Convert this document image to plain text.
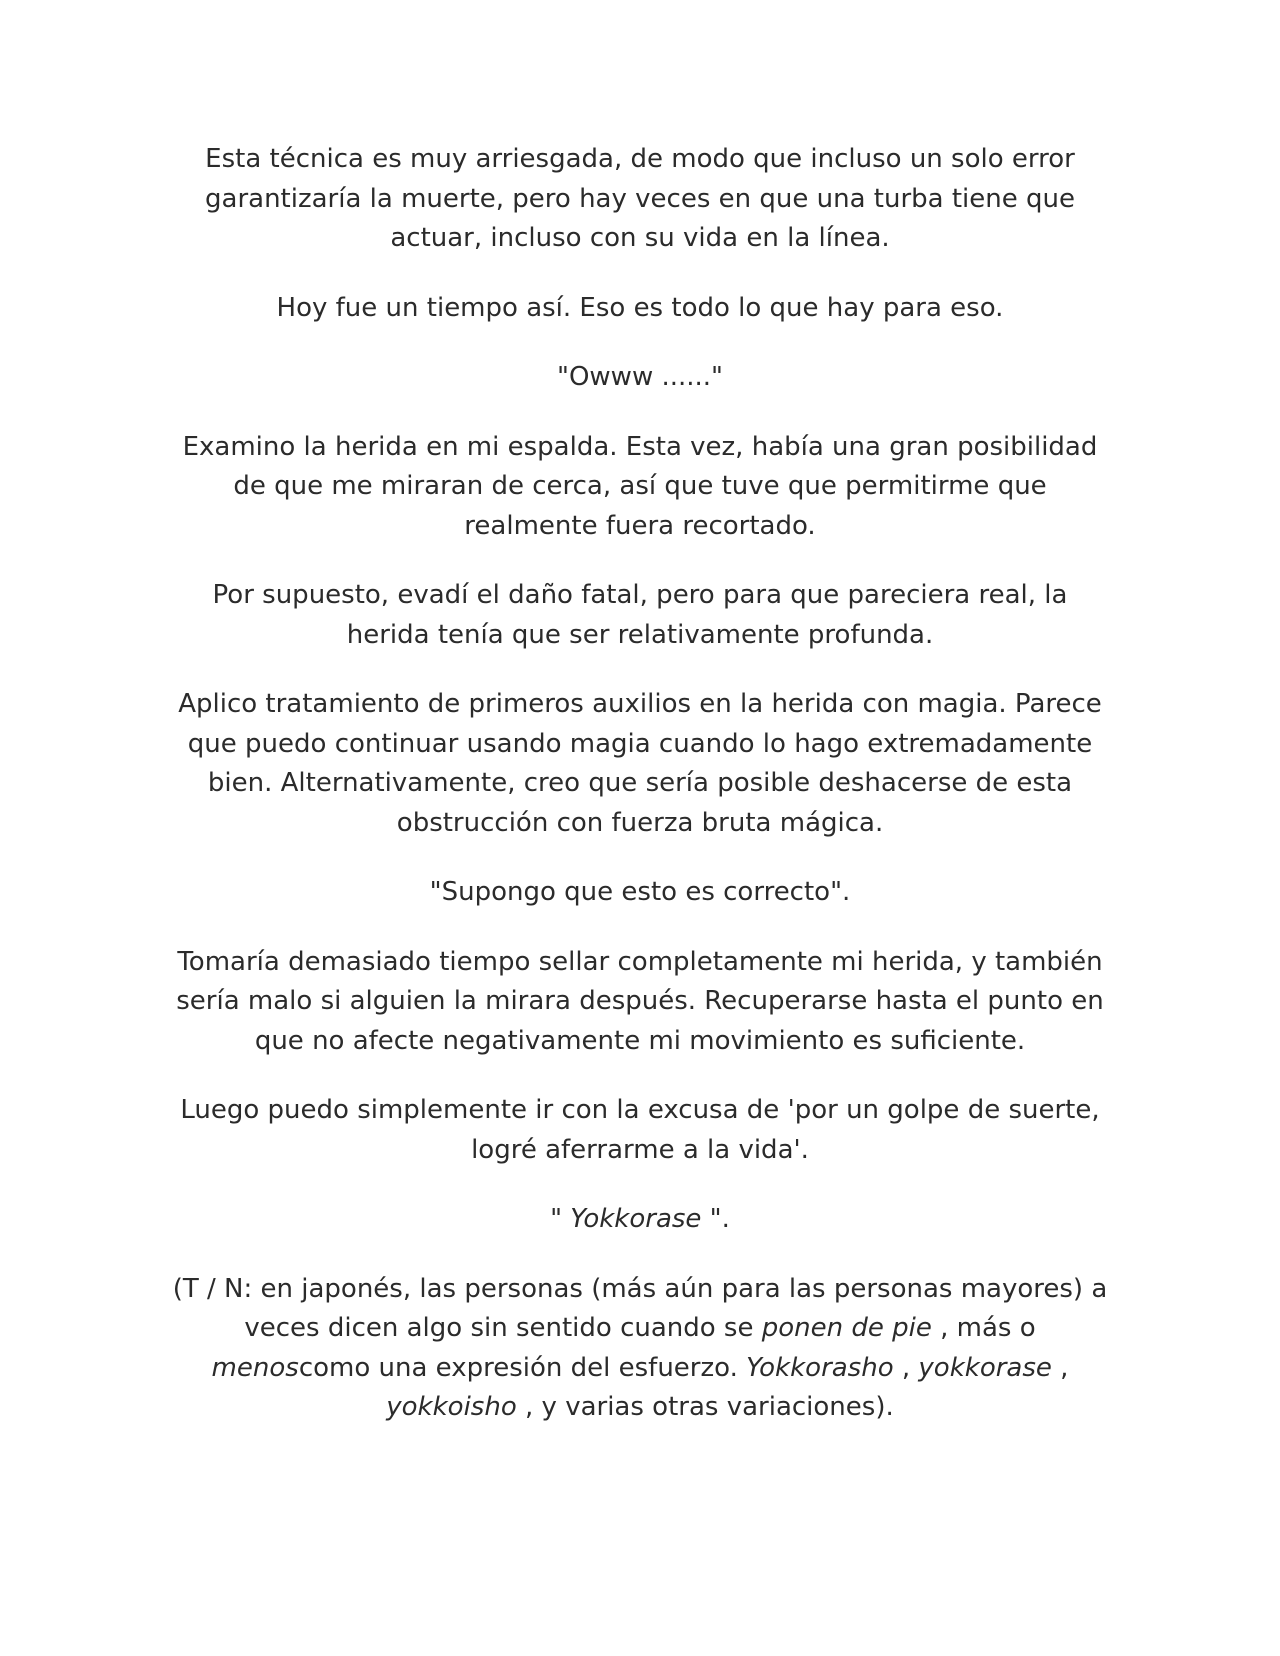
Esta técnica es muy arriesgada, de modo que incluso un solo error garantizaría la muerte, pero hay veces en que una turba tiene que actuar, incluso con su vida en la línea.

Hoy fue un tiempo así. Eso es todo lo que hay para eso.

"Owww ......"

Examino la herida en mi espalda. Esta vez, había una gran posibilidad de que me miraran de cerca, así que tuve que permitirme que realmente fuera recortado.

Por supuesto, evadí el daño fatal, pero para que pareciera real, la herida tenía que ser relativamente profunda.

Aplico tratamiento de primeros auxilios en la herida con magia. Parece que puedo continuar usando magia cuando lo hago extremadamente bien. Alternativamente, creo que sería posible deshacerse de esta obstrucción con fuerza bruta mágica.

"Supongo que esto es correcto".

Tomaría demasiado tiempo sellar completamente mi herida, y también sería malo si alguien la mirara después. Recuperarse hasta el punto en que no afecte negativamente mi movimiento es suficiente.

Luego puedo simplemente ir con la excusa de 'por un golpe de suerte, logré aferrarme a la vida'.

" Yokkorase ".

(T / N: en japonés, las personas (más aún para las personas mayores) a veces dicen algo sin sentido cuando se ponen de pie , más o menoscomo una expresión del esfuerzo. Yokkorasho , yokkorase , yokkoisho , y varias otras variaciones).
